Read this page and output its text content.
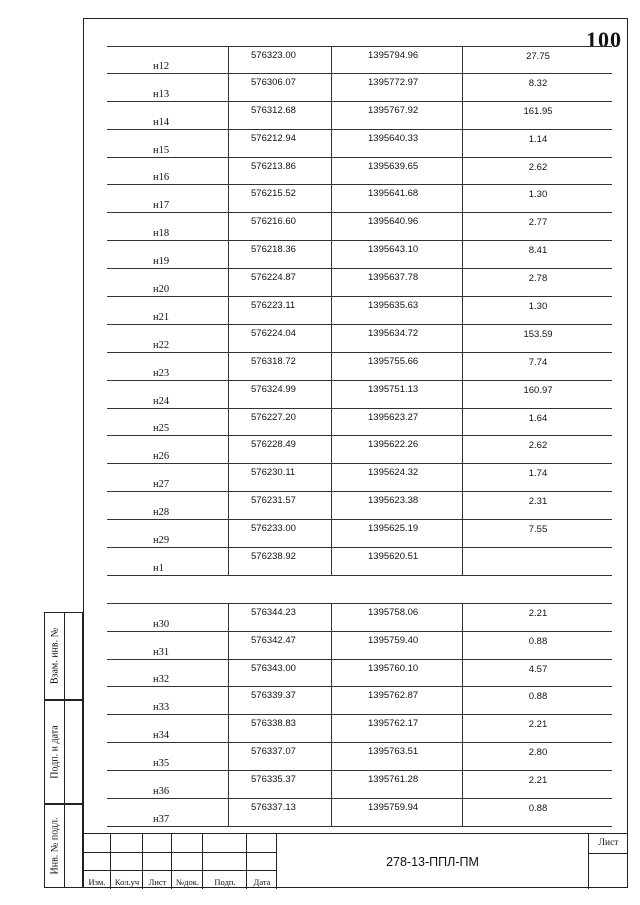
100
н12
576323.00	1395794.96	27.75
н13
576306.07	1395772.97	8.32
н14
576312.68	1395767.92	161.95
н15
576212.94	1395640.33	1.14
н16
576213.86	1395639.65	2.62
н17
576215.52	1395641.68	1.30
н18
576216.60	1395640.96	2.77
н19
576218.36	1395643.10	8.41
н20
576224.87	1395637.78	2.78
н21
576223.11	1395635.63	1.30
н22
576224.04	1395634.72	153.59
н23
576318.72	1395755.66	7.74
н24
576324.99	1395751.13	160.97
н25
576227.20	1395623.27	1.64
н26
576228.49	1395622.26	2.62
н27
576230.11	1395624.32	1.74
н28
576231.57	1395623.38	2.31
н29
576233.00	1395625.19	7.55
н1
576238.92	1395620.51
н30
576344.23	1395758.06	2.21
н31
576342.47	1395759.40	0.88
н32
576343.00	1395760.10	4.57
н33
576339.37	1395762.87	0.88
н34
576338.83	1395762.17	2.21
н35
576337.07	1395763.51	2.80
н36
576335.37	1395761.28	2.21
н37
576337.13	1395759.94	0.88
Взам. инв. №
Подп. и дата
Инв. № подл.
Изм.	Кол.уч	Лист	№док.	Подп.	Дата
278-13-ППЛ-ПМ
Лист
